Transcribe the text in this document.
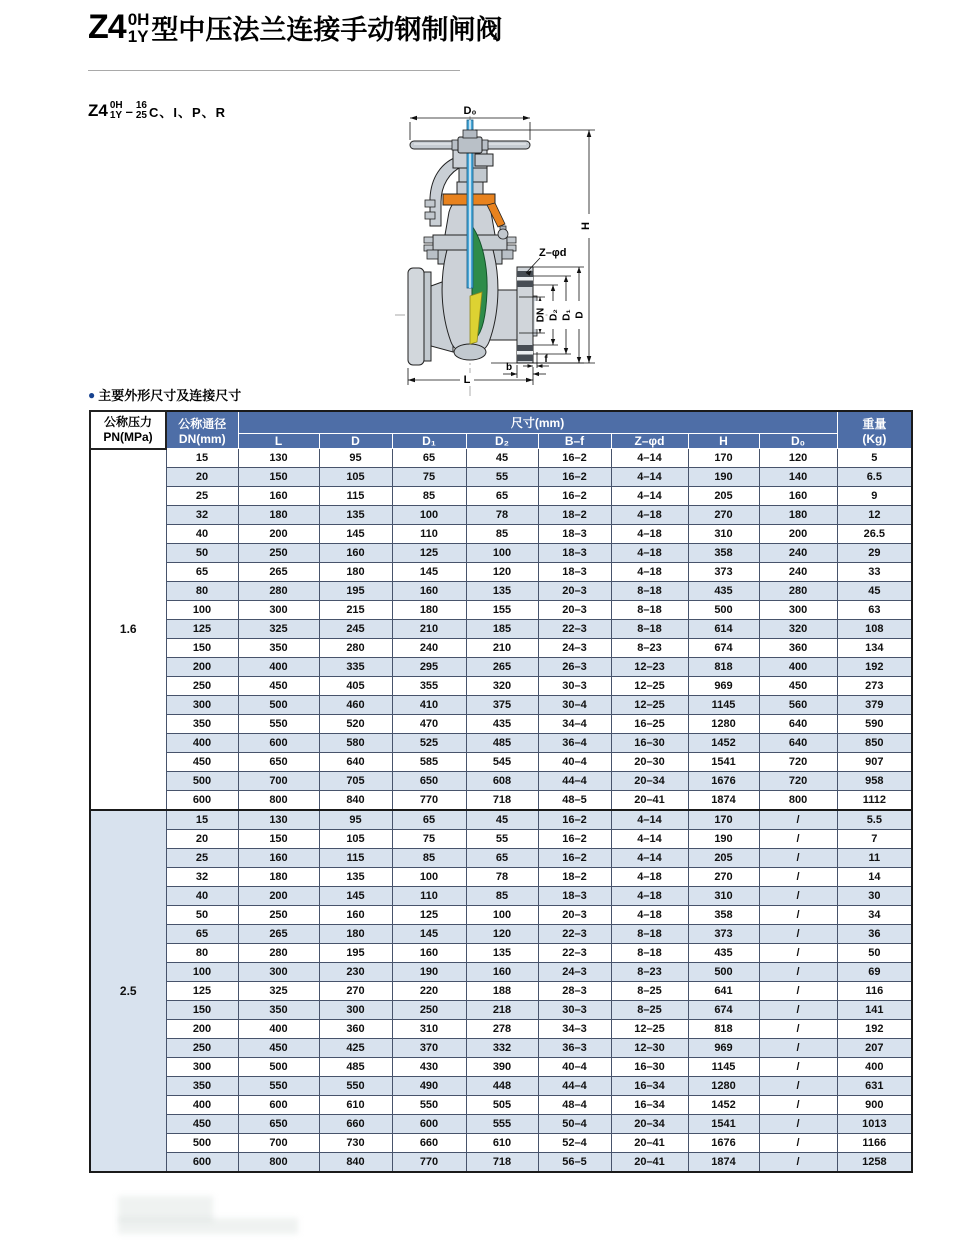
Z4 0H
1Y 型中压法兰连接手动钢制闸阀
Z4 0H
1Y – 16
25 C、I、P、R	D₀
H
Z–φd
DN D₂ D₁ D
L
b
f
● 主要外形尺寸及连接尺寸
公称压力
PN(MPa)	公称通径
DN(mm)	尺寸(mm)								重量
(Kg)
		L	D	D₁	D₂	B–f	Z–φd	H	D₀	
1.6	15	130	95	65	45	16–2	4–14	170	120	5
	20	150	105	75	55	16–2	4–14	190	140	6.5
	25	160	115	85	65	16–2	4–14	205	160	9
	32	180	135	100	78	18–2	4–18	270	180	12
	40	200	145	110	85	18–3	4–18	310	200	26.5
	50	250	160	125	100	18–3	4–18	358	240	29
	65	265	180	145	120	18–3	4–18	373	240	33
	80	280	195	160	135	20–3	8–18	435	280	45
	100	300	215	180	155	20–3	8–18	500	300	63
	125	325	245	210	185	22–3	8–18	614	320	108
	150	350	280	240	210	24–3	8–23	674	360	134
	200	400	335	295	265	26–3	12–23	818	400	192
	250	450	405	355	320	30–3	12–25	969	450	273
	300	500	460	410	375	30–4	12–25	1145	560	379
	350	550	520	470	435	34–4	16–25	1280	640	590
	400	600	580	525	485	36–4	16–30	1452	640	850
	450	650	640	585	545	40–4	20–30	1541	720	907
	500	700	705	650	608	44–4	20–34	1676	720	958
	600	800	840	770	718	48–5	20–41	1874	800	1112
2.5	15	130	95	65	45	16–2	4–14	170	/	5.5
	20	150	105	75	55	16–2	4–14	190	/	7
	25	160	115	85	65	16–2	4–14	205	/	11
	32	180	135	100	78	18–2	4–18	270	/	14
	40	200	145	110	85	18–3	4–18	310	/	30
	50	250	160	125	100	20–3	4–18	358	/	34
	65	265	180	145	120	22–3	8–18	373	/	36
	80	280	195	160	135	22–3	8–18	435	/	50
	100	300	230	190	160	24–3	8–23	500	/	69
	125	325	270	220	188	28–3	8–25	641	/	116
	150	350	300	250	218	30–3	8–25	674	/	141
	200	400	360	310	278	34–3	12–25	818	/	192
	250	450	425	370	332	36–3	12–30	969	/	207
	300	500	485	430	390	40–4	16–30	1145	/	400
	350	550	550	490	448	44–4	16–34	1280	/	631
	400	600	610	550	505	48–4	16–34	1452	/	900
	450	650	660	600	555	50–4	20–34	1541	/	1013
	500	700	730	660	610	52–4	20–41	1676	/	1166
	600	800	840	770	718	56–5	20–41	1874	/	1258
